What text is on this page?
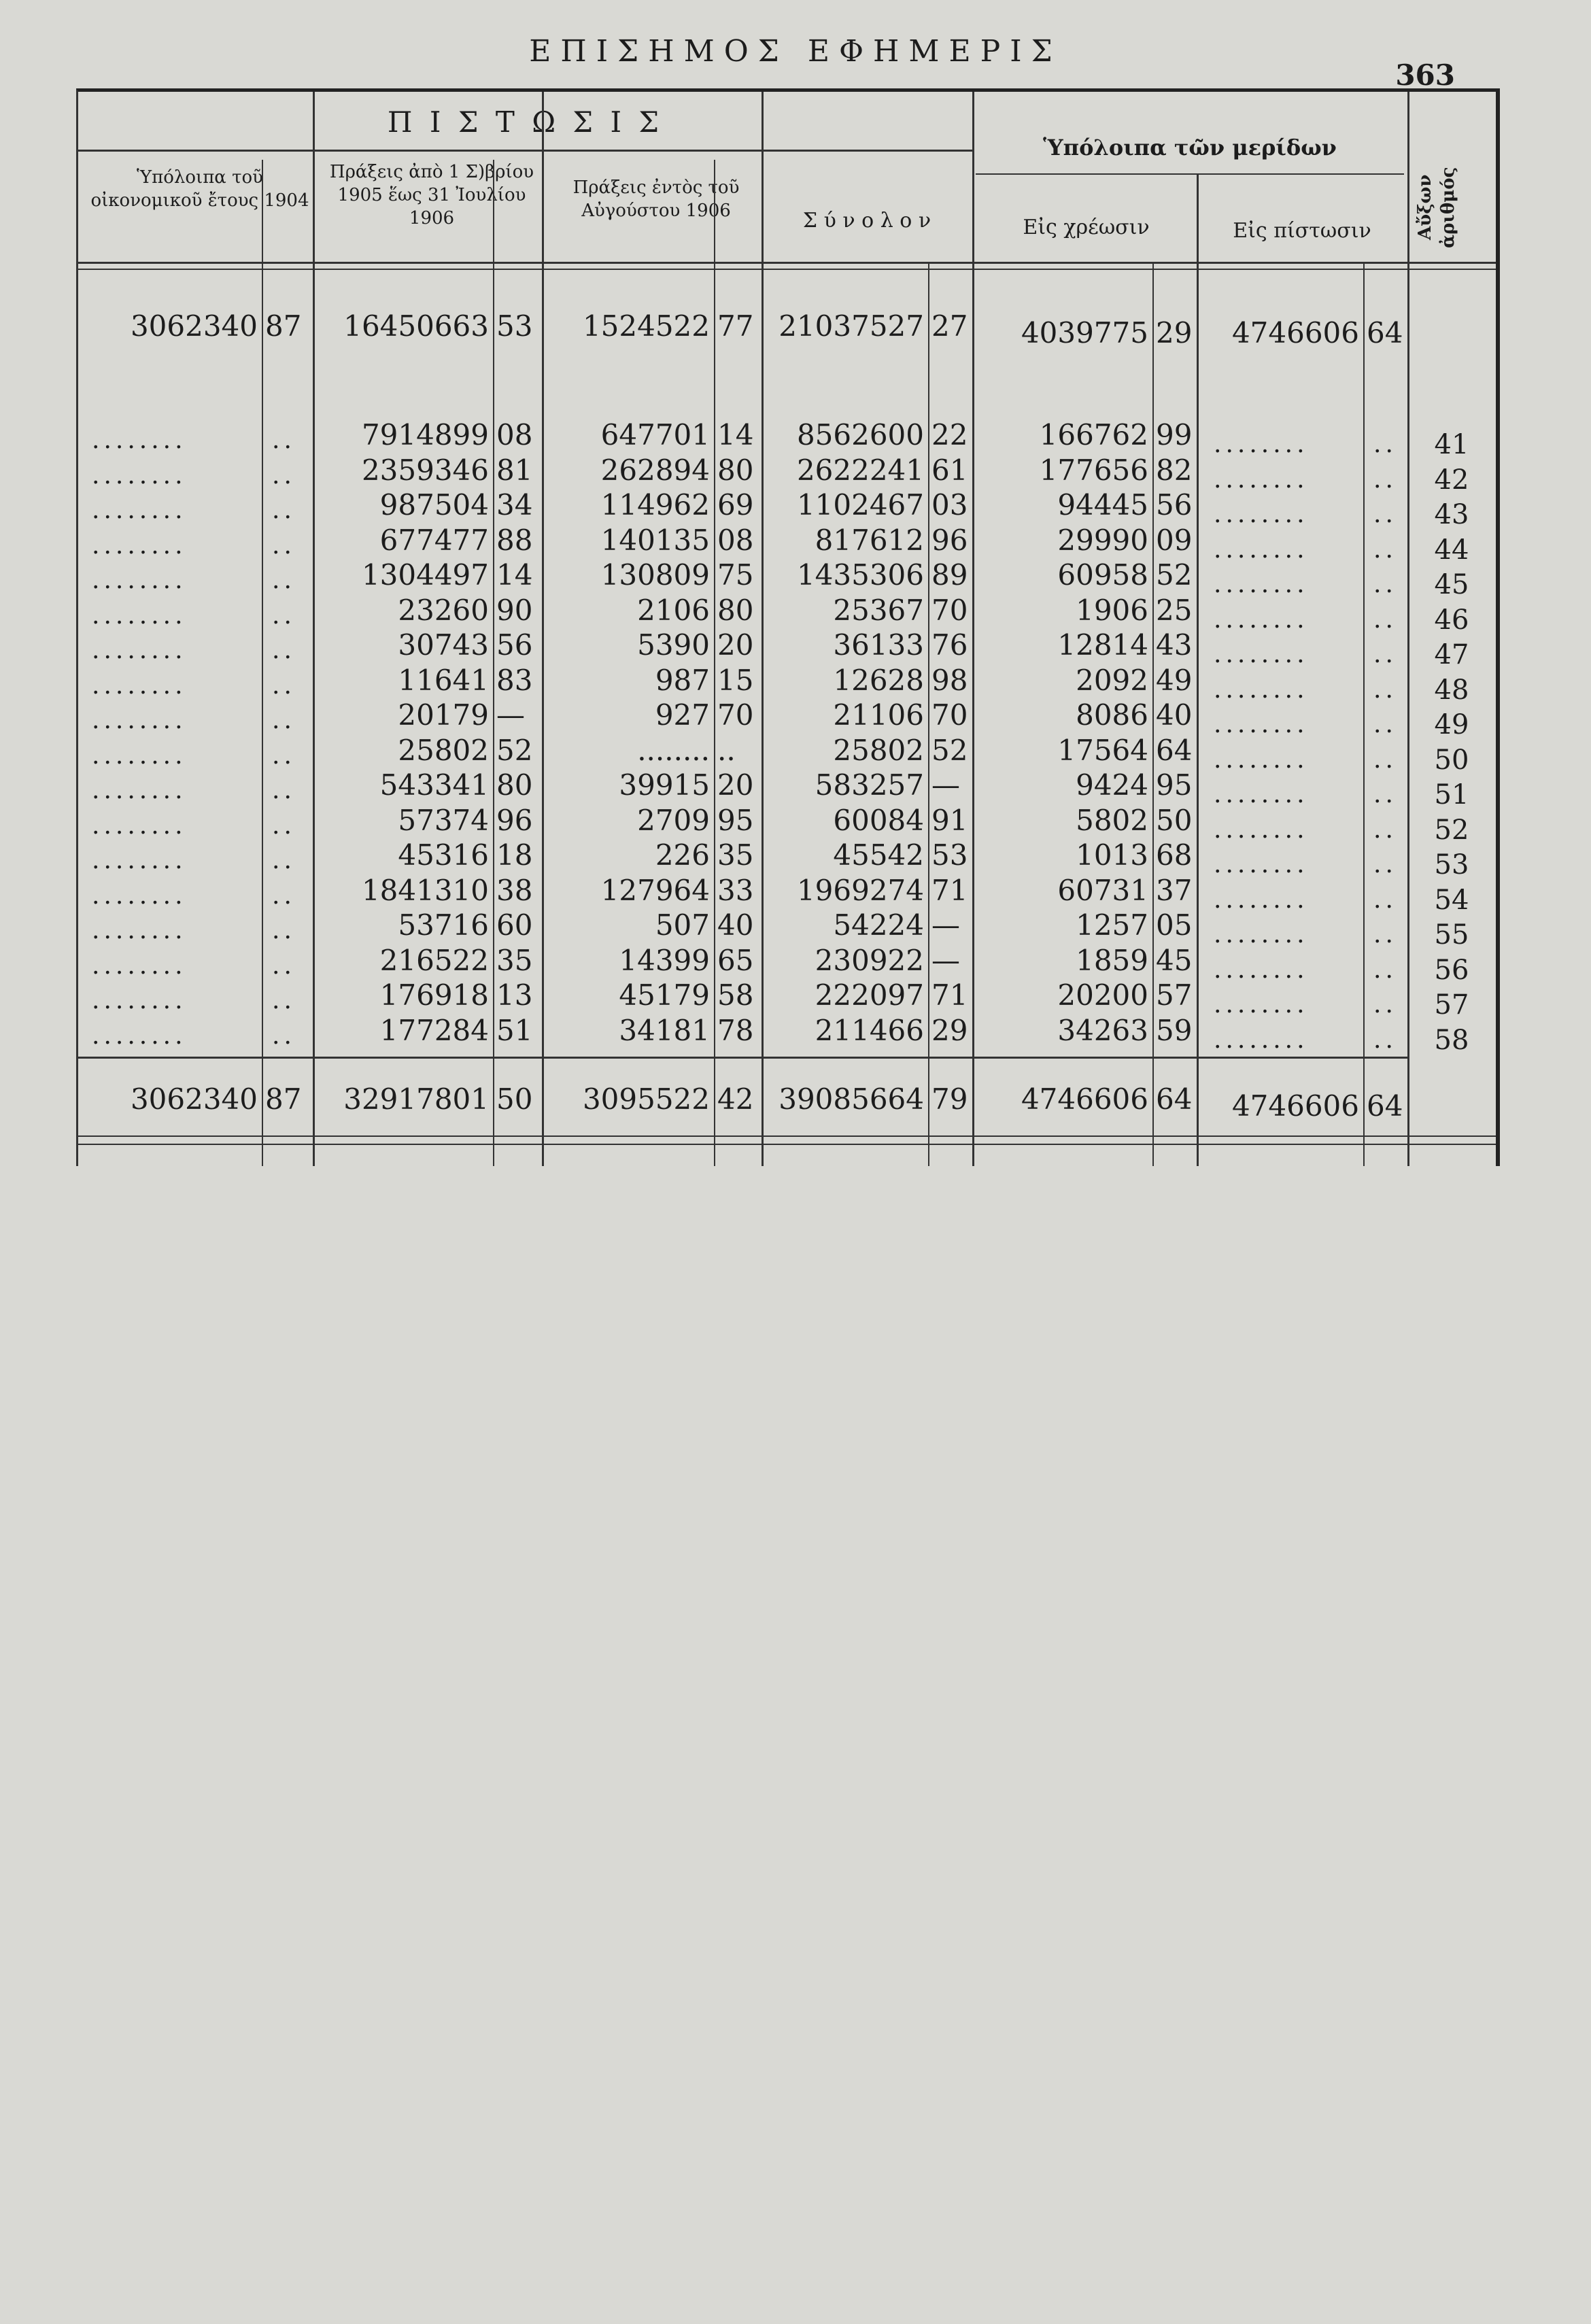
ΕΠΙΣΗΜΟΣ ΕΦΗΜΕΡΙΣ
363
Π Ι Σ Τ Ω Σ Ι Σ
Ὑπόλοιπα τῶν μερίδων
Ὑπόλοιπα τοῦ οἰκονομικοῦ ἔτους 1904
Πράξεις ἀπὸ 1 Σ)βρίου 1905 ἕως 31 Ἰουλίου 1906
Πράξεις ἐντὸς τοῦ Αὐγούστου 1906	Σ ύ ν ο λ ο ν	Εἰς χρέωσιν	Εἰς πίστωσιν	Αὔξων ἀριθμός
3062340 87	16450663 53	1524522 77 21037527 27	4039775 29	4746606 64
........	..	7914899 08	647701 14	8562600 22	166762 99 ........	..	41
........	..	2359346 81	262894 80	2622241 61	177656 82 ........	..	42
........	..	987504 34	114962 69	1102467 03	94445 56 ........	..	43
........	..	677477 88	140135 08	817612 96	29990 09 ........	..	44
........	..	1304497 14	130809 75	1435306 89	60958 52 ........	..	45
........	..	23260 90	2106 80	25367 70	1906 25 ........	..	46
........	..	30743 56	5390 20	36133 76	12814 43 ........	..	47
........	..	11641 83	987 15	12628 98	2092 49 ........	..	48
........	..	20179 —	927 70	21106 70	8086 40 ........	..	49
........	..	25802 52	........ ..	25802 52	17564 64 ........	..	50
........	..	543341 80	39915 20	583257 —	9424 95 ........	..	51
........	..	57374 96	2709 95	60084 91	5802 50 ........	..	52
........	..	45316 18	226 35	45542 53	1013 68 ........	..	53
........	..	1841310 38	127964 33	1969274 71	60731 37 ........	..	54
........	..	53716 60	507 40	54224 —	1257 05 ........	..	55
........	..	216522 35	14399 65	230922 —	1859 45 ........	..	56
........	..	176918 13	45179 58	222097 71	20200 57 ........	..	57
........	..	177284 51	34181 78	211466 29	34263 59 ........	..	58
3062340 87	32917801 50	3095522 42 39085664 79	4746606 64	4746606 64
